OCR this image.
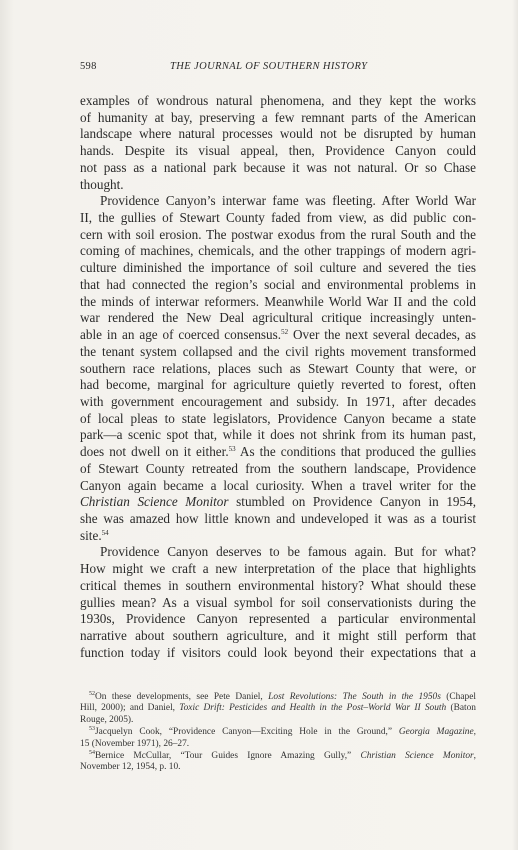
598	THE JOURNAL OF SOUTHERN HISTORY

examples of wondrous natural phenomena, and they kept the works
of humanity at bay, preserving a few remnant parts of the American
landscape where natural processes would not be disrupted by human
hands. Despite its visual appeal, then, Providence Canyon could
not pass as a national park because it was not natural. Or so Chase
thought.

Providence Canyon’s interwar fame was fleeting. After World War
II, the gullies of Stewart County faded from view, as did public con-
cern with soil erosion. The postwar exodus from the rural South and the
coming of machines, chemicals, and the other trappings of modern agri-
culture diminished the importance of soil culture and severed the ties
that had connected the region’s social and environmental problems in
the minds of interwar reformers. Meanwhile World War II and the cold
war rendered the New Deal agricultural critique increasingly unten-
able in an age of coerced consensus.$^{52}$ Over the next several decades, as
the tenant system collapsed and the civil rights movement transformed
southern race relations, places such as Stewart County that were, or
had become, marginal for agriculture quietly reverted to forest, often
with government encouragement and subsidy. In 1971, after decades
of local pleas to state legislators, Providence Canyon became a state
park—a scenic spot that, while it does not shrink from its human past,
does not dwell on it either.$^{53}$ As the conditions that produced the gullies
of Stewart County retreated from the southern landscape, Providence
Canyon again became a local curiosity. When a travel writer for the
Christian Science Monitor stumbled on Providence Canyon in 1954,
she was amazed how little known and undeveloped it was as a tourist
site.$^{54}$

Providence Canyon deserves to be famous again. But for what?
How might we craft a new interpretation of the place that highlights
critical themes in southern environmental history? What should these
gullies mean? As a visual symbol for soil conservationists during the
1930s, Providence Canyon represented a particular environmental
narrative about southern agriculture, and it might still perform that
function today if visitors could look beyond their expectations that a

$^{52}$On these developments, see Pete Daniel, Lost Revolutions: The South in the 1950s (Chapel
Hill, 2000); and Daniel, Toxic Drift: Pesticides and Health in the Post–World War II South (Baton
Rouge, 2005).
$^{53}$Jacquelyn Cook, “Providence Canyon—Exciting Hole in the Ground,” Georgia Magazine,
15 (November 1971), 26–27.
$^{54}$Bernice McCullar, “Tour Guides Ignore Amazing Gully,” Christian Science Monitor,
November 12, 1954, p. 10.
